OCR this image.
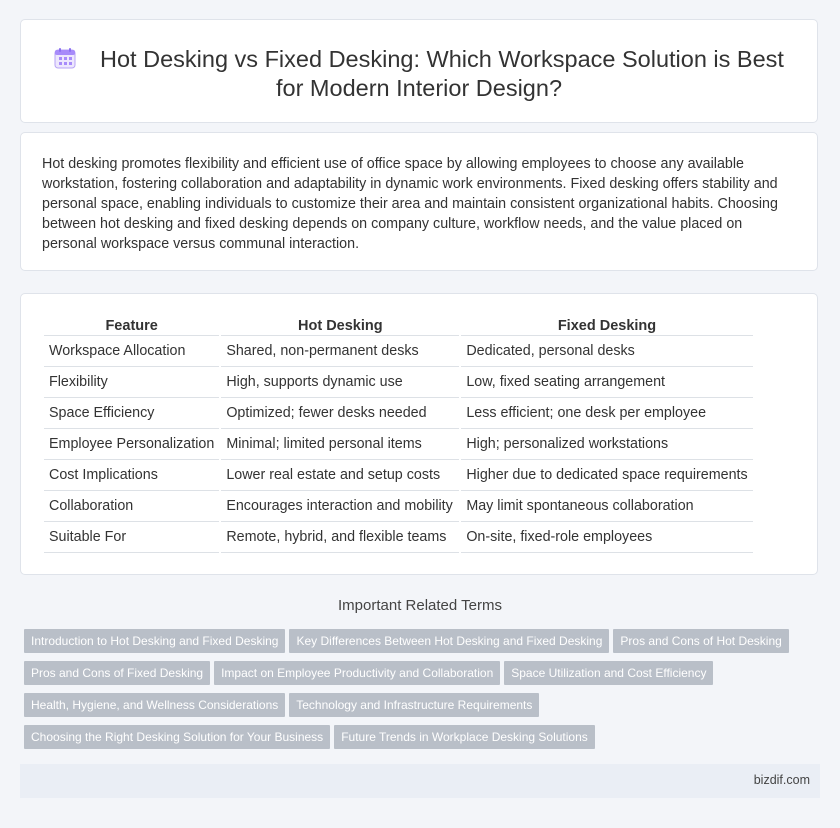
Hot Desking vs Fixed Desking: Which Workspace Solution is Best
for Modern Interior Design?

Hot desking promotes flexibility and efficient use of office space by allowing employees to choose any available workstation, fostering collaboration and adaptability in dynamic work environments. Fixed desking offers stability and personal space, enabling individuals to customize their area and maintain consistent organizational habits. Choosing between hot desking and fixed desking depends on company culture, workflow needs, and the value placed on personal workspace versus communal interaction.

Feature	Hot Desking	Fixed Desking
Workspace Allocation	Shared, non-permanent desks	Dedicated, personal desks
Flexibility	High, supports dynamic use	Low, fixed seating arrangement
Space Efficiency	Optimized; fewer desks needed	Less efficient; one desk per employee
Employee Personalization	Minimal; limited personal items	High; personalized workstations
Cost Implications	Lower real estate and setup costs	Higher due to dedicated space requirements
Collaboration	Encourages interaction and mobility	May limit spontaneous collaboration
Suitable For	Remote, hybrid, and flexible teams	On-site, fixed-role employees
Important Related Terms
Introduction to Hot Desking and Fixed Desking Key Differences Between Hot Desking and Fixed Desking Pros and Cons of Hot Desking
Pros and Cons of Fixed Desking Impact on Employee Productivity and Collaboration Space Utilization and Cost Efficiency
Health, Hygiene, and Wellness Considerations Technology and Infrastructure Requirements
Choosing the Right Desking Solution for Your Business Future Trends in Workplace Desking Solutions
bizdif.com
